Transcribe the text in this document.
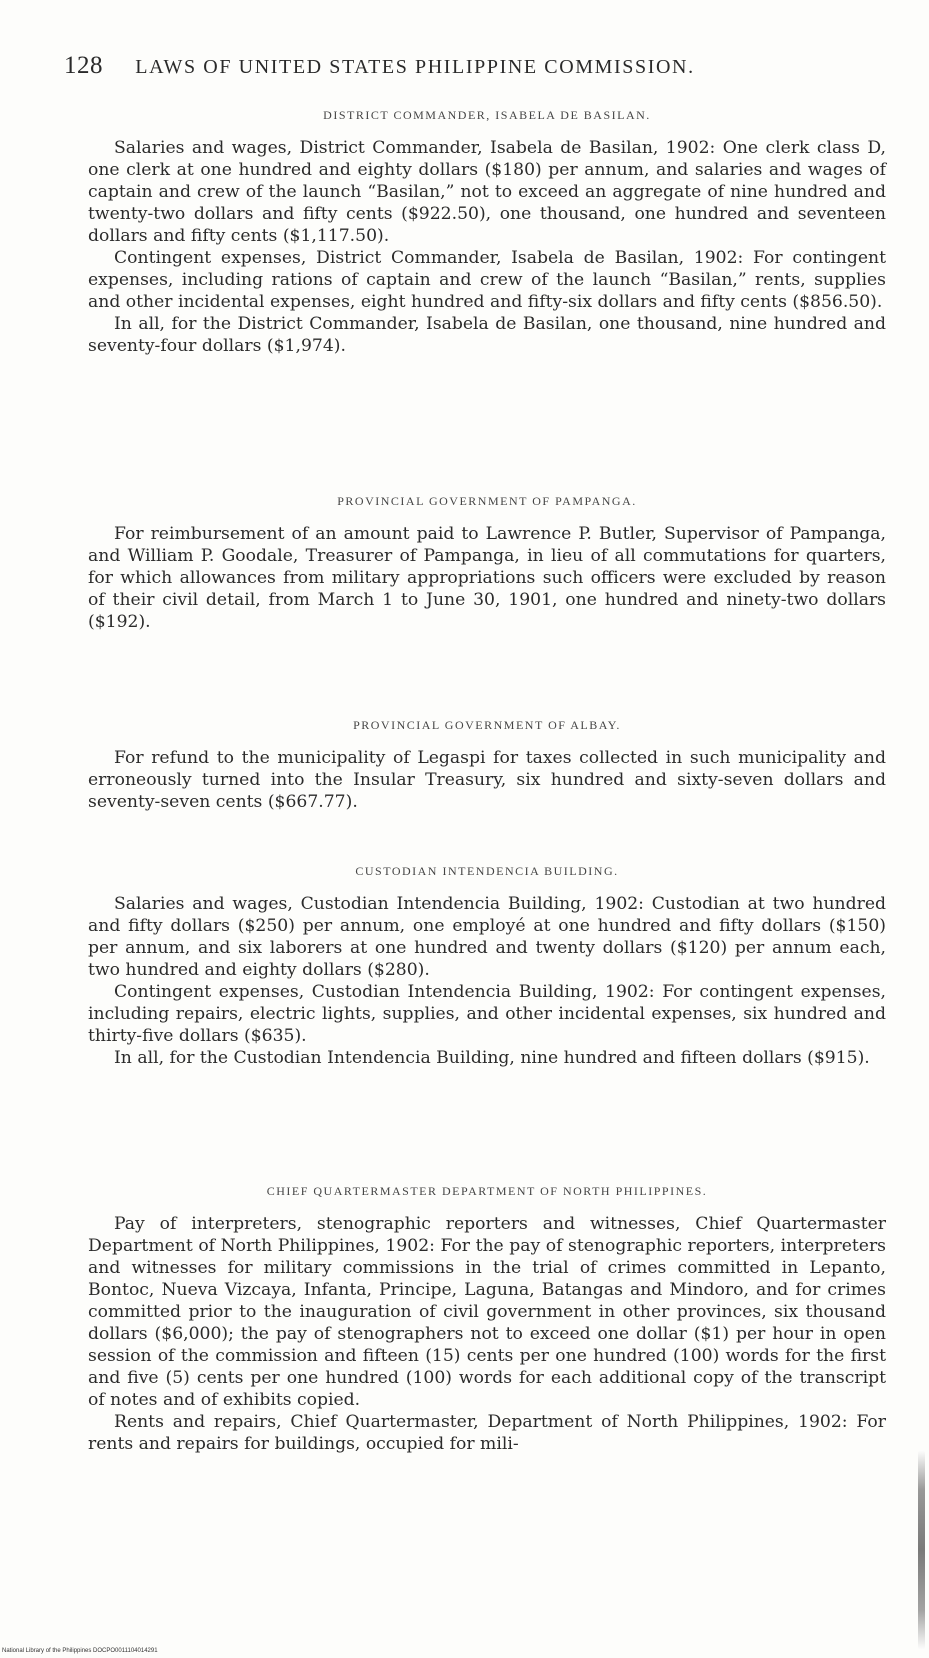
128 LAWS OF UNITED STATES PHILIPPINE COMMISSION.
DISTRICT COMMANDER, ISABELA DE BASILAN.

Salaries and wages, District Commander, Isabela de Basilan, 1902: One clerk class D, one clerk at one hundred and eighty dollars ($180) per annum, and salaries and wages of captain and crew of the launch “Basilan,” not to exceed an aggregate of nine hundred and twenty-two dollars and fifty cents ($922.50), one thousand, one hundred and seventeen dollars and fifty cents ($1,117.50).

Contingent expenses, District Commander, Isabela de Basilan, 1902: For contingent expenses, including rations of captain and crew of the launch “Basilan,” rents, supplies and other incidental expenses, eight hundred and fifty-six dollars and fifty cents ($856.50).

In all, for the District Commander, Isabela de Basilan, one thousand, nine hundred and seventy-four dollars ($1,974).

PROVINCIAL GOVERNMENT OF PAMPANGA.

For reimbursement of an amount paid to Lawrence P. Butler, Supervisor of Pampanga, and William P. Goodale, Treasurer of Pampanga, in lieu of all commutations for quarters, for which allowances from military appropriations such officers were excluded by reason of their civil detail, from March 1 to June 30, 1901, one hundred and ninety-two dollars ($192).

PROVINCIAL GOVERNMENT OF ALBAY.

For refund to the municipality of Legaspi for taxes collected in such municipality and erroneously turned into the Insular Treasury, six hundred and sixty-seven dollars and seventy-seven cents ($667.77).

CUSTODIAN INTENDENCIA BUILDING.

Salaries and wages, Custodian Intendencia Building, 1902: Custodian at two hundred and fifty dollars ($250) per annum, one employé at one hundred and fifty dollars ($150) per annum, and six laborers at one hundred and twenty dollars ($120) per annum each, two hundred and eighty dollars ($280).

Contingent expenses, Custodian Intendencia Building, 1902: For contingent expenses, including repairs, electric lights, supplies, and other incidental expenses, six hundred and thirty-five dollars ($635).

In all, for the Custodian Intendencia Building, nine hundred and fifteen dollars ($915).

CHIEF QUARTERMASTER DEPARTMENT OF NORTH PHILIPPINES.

Pay of interpreters, stenographic reporters and witnesses, Chief Quartermaster Department of North Philippines, 1902: For the pay of stenographic reporters, interpreters and witnesses for military commissions in the trial of crimes committed in Lepanto, Bontoc, Nueva Vizcaya, Infanta, Principe, Laguna, Batangas and Mindoro, and for crimes committed prior to the inauguration of civil government in other provinces, six thousand dollars ($6,000); the pay of stenographers not to exceed one dollar ($1) per hour in open session of the commission and fifteen (15) cents per one hundred (100) words for the first and five (5) cents per one hundred (100) words for each additional copy of the transcript of notes and of exhibits copied.

Rents and repairs, Chief Quartermaster, Department of North Philippines, 1902: For rents and repairs for buildings, occupied for mili-

National Library of the Philippines DOCPO0011104014291
